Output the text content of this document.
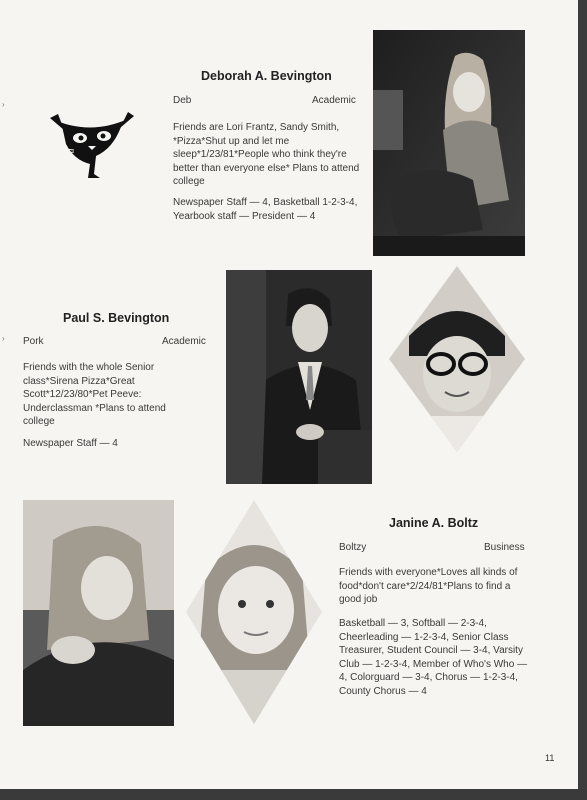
›
›
Deborah A. Bevington
Deb	Academic
Friends are Lori Frantz, Sandy Smith, *Pizza*Shut up and let me sleep*1/23/81*People who think they're better than everyone else* Plans to attend college
Newspaper Staff — 4, Basketball 1-2-3-4, Yearbook staff — President — 4
Paul S. Bevington
Pork	Academic
Friends with the whole Senior class*Sirena Pizza*Great Scott*12/23/80*Pet Peeve: Underclassman *Plans to attend college
Newspaper Staff — 4
Janine A. Boltz
Boltzy	Business
Friends with everyone*Loves all kinds of food*don't care*2/24/81*Plans to find a good job
Basketball — 3, Softball — 2-3-4, Cheerleading — 1-2-3-4, Senior Class Treasurer, Student Council — 3-4, Varsity Club — 1-2-3-4, Member of Who's Who — 4, Colorguard — 3-4, Chorus — 1-2-3-4, County Chorus — 4
11
